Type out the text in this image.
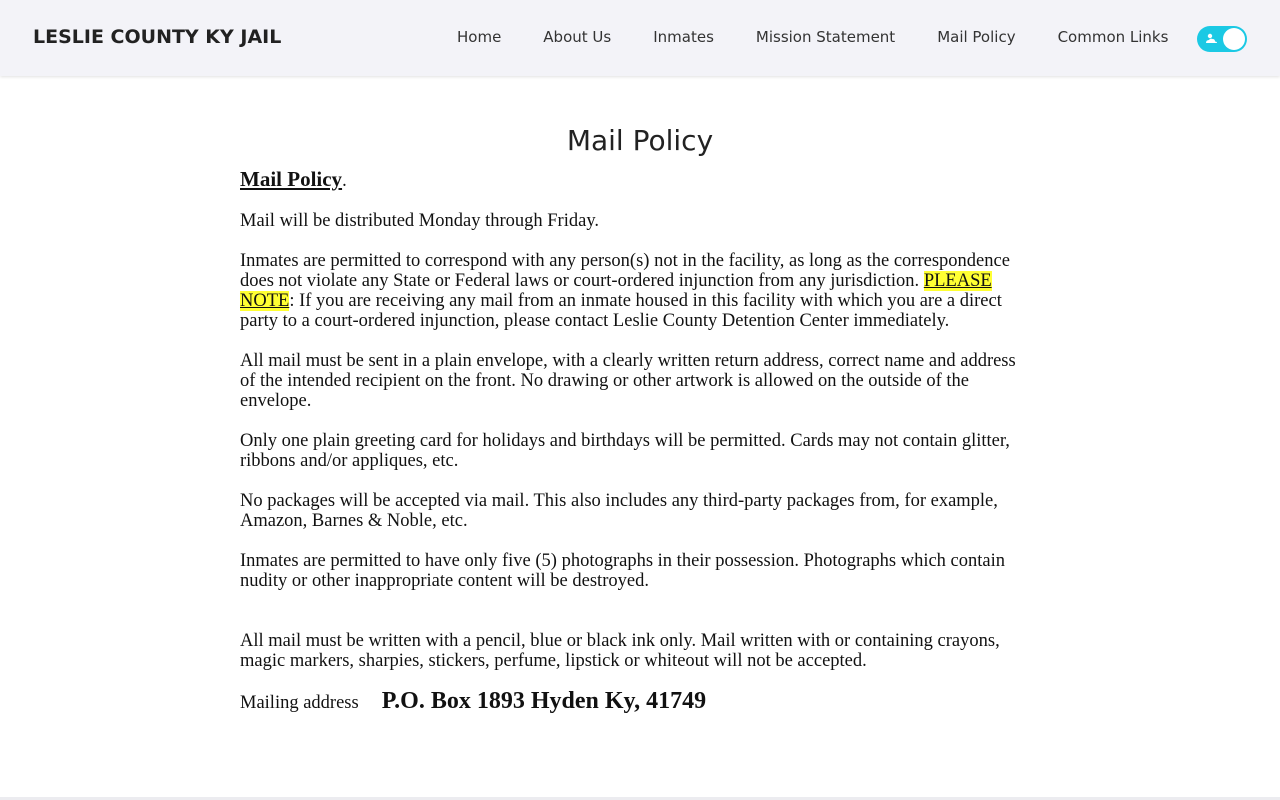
LESLIE COUNTY KY JAIL	Home	About Us	Inmates	Mission Statement	Mail Policy	Common Links
Mail Policy

Mail Policy.

Mail will be distributed Monday through Friday.

Inmates are permitted to correspond with any person(s) not in the facility, as long as the correspondence does not violate any State or Federal laws or court-ordered injunction from any jurisdiction. PLEASE NOTE: If you are receiving any mail from an inmate housed in this facility with which you are a direct party to a court-ordered injunction, please contact Leslie County Detention Center immediately.

All mail must be sent in a plain envelope, with a clearly written return address, correct name and address of the intended recipient on the front. No drawing or other artwork is allowed on the outside of the envelope.

Only one plain greeting card for holidays and birthdays will be permitted. Cards may not contain glitter, ribbons and/or appliques, etc.

No packages will be accepted via mail. This also includes any third-party packages from, for example, Amazon, Barnes & Noble, etc.

Inmates are permitted to have only five (5) photographs in their possession. Photographs which contain nudity or other inappropriate content will be destroyed.

All mail must be written with a pencil, blue or black ink only. Mail written with or containing crayons, magic markers, sharpies, stickers, perfume, lipstick or whiteout will not be accepted.

Mailing address P.O. Box 1893 Hyden Ky, 41749
